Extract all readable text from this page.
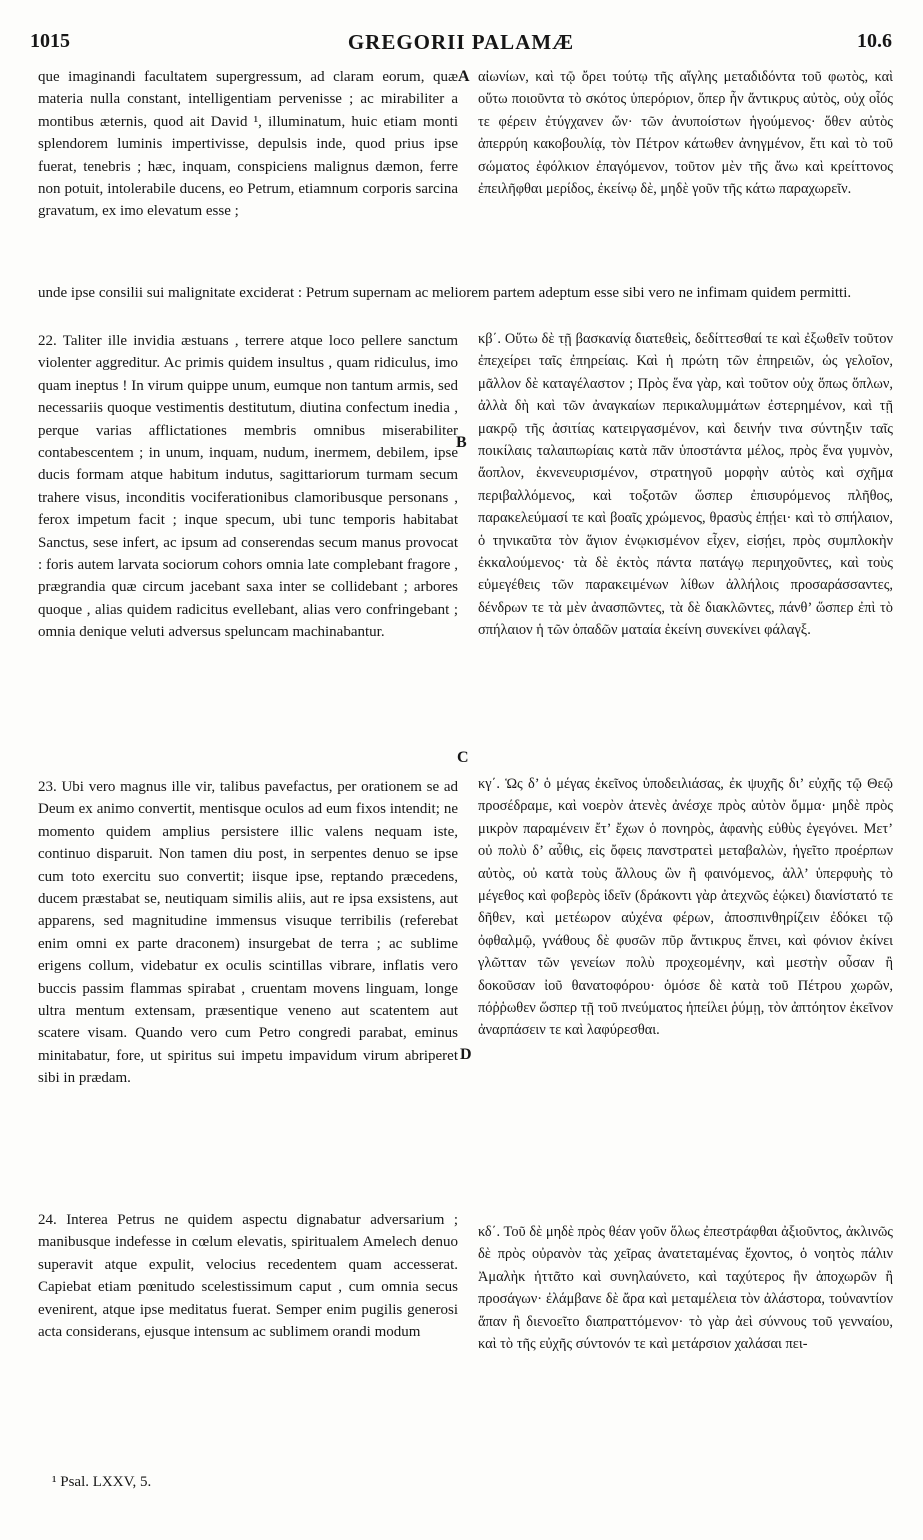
1015	GREGORII PALAMÆ	10.6
A
B
C
D

que imaginandi facultatem supergressum, ad claram eorum, quæ materia nulla constant, intelligentiam pervenisse ; ac mirabiliter a montibus æternis, quod ait David ¹, illuminatum, huic etiam monti splendorem luminis impertivisse, depulsis inde, quod prius ipse fuerat, tenebris ; hæc, inquam, conspiciens malignus dæmon, ferre non potuit, intolerabile ducens, eo Petrum, etiamnum corporis sarcina gravatum, ex imo elevatum esse ;

αἰωνίων, καὶ τῷ ὄρει τούτῳ τῆς αἴγλης μεταδιδόντα τοῦ φωτὸς, καὶ οὕτω ποιοῦντα τὸ σκότος ὑπερόριον, ὅπερ ἦν ἄντικρυς αὐτὸς, οὐχ οἷός τε φέρειν ἐτύγχανεν ὤν· τῶν ἀνυποίστων ἡγούμενος· ὅθεν αὐτὸς ἀπερρύη κακοβουλίᾳ, τὸν Πέτρον κάτωθεν ἀνηγμένον, ἔτι καὶ τὸ τοῦ σώματος ἐφόλκιον ἐπαγόμενον, τοῦτον μὲν τῆς ἄνω καὶ κρείττονος ἐπειλῆφθαι μερίδος, ἐκείνῳ δὲ, μηδὲ γοῦν τῆς κάτω παραχωρεῖν.

unde ipse consilii sui malignitate exciderat : Petrum supernam ac meliorem partem adeptum esse sibi vero ne infimam quidem permitti.

22. Taliter ille invidia æstuans , terrere atque loco pellere sanctum violenter aggreditur. Ac primis quidem insultus , quam ridiculus, imo quam ineptus ! In virum quippe unum, eumque non tantum armis, sed necessariis quoque vestimentis destitutum, diutina confectum inedia , perque varias afflictationes membris omnibus miserabiliter contabescentem ; in unum, inquam, nudum, inermem, debilem, ipse ducis formam atque habitum indutus, sagittariorum turmam secum trahere visus, inconditis vociferationibus clamoribusque personans , ferox impetum facit ; inque specum, ubi tunc temporis habitabat Sanctus, sese infert, ac ipsum ad conserendas secum manus provocat : foris autem larvata sociorum cohors omnia late complebant fragore , prægrandia quæ circum jacebant saxa inter se collidebant ; arbores quoque , alias quidem radicitus evellebant, alias vero confringebant ; omnia denique veluti adversus speluncam machinabantur.

κβ΄. Οὕτω δὲ τῇ βασκανίᾳ διατεθεὶς, δεδίττεσθαί τε καὶ ἐξωθεῖν τοῦτον ἐπεχείρει ταῖς ἐπηρείαις. Καὶ ἡ πρώτη τῶν ἐπηρειῶν, ὡς γελοῖον, μᾶλλον δὲ καταγέλαστον ; Πρὸς ἕνα γὰρ, καὶ τοῦτον οὐχ ὅπως ὅπλων, ἀλλὰ δὴ καὶ τῶν ἀναγκαίων περικαλυμμάτων ἐστερημένον, καὶ τῇ μακρῷ τῆς ἀσιτίας κατειργασμένον, καὶ δεινήν τινα σύντηξιν ταῖς ποικίλαις ταλαιπωρίαις κατὰ πᾶν ὑποστάντα μέλος, πρὸς ἕνα γυμνὸν, ἄοπλον, ἐκνενευρισμένον, στρατηγοῦ μορφὴν αὐτὸς καὶ σχῆμα περιβαλλόμενος, καὶ τοξοτῶν ὥσπερ ἐπισυρόμενος πλῆθος, παρακελεύμασί τε καὶ βοαῖς χρώμενος, θρασὺς ἐπῄει· καὶ τὸ σπήλαιον, ὁ τηνικαῦτα τὸν ἅγιον ἐνῳκισμένον εἶχεν, εἰσῄει, πρὸς συμπλοκὴν ἐκκαλούμενος· τὰ δὲ ἐκτὸς πάντα πατάγῳ περιηχοῦντες, καὶ τοὺς εὐμεγέθεις τῶν παρακειμένων λίθων ἀλλήλοις προσαράσσαντες, δένδρων τε τὰ μὲν ἀνασπῶντες, τὰ δὲ διακλῶντες, πάνθ’ ὥσπερ ἐπὶ τὸ σπήλαιον ἡ τῶν ὀπαδῶν ματαία ἐκείνη συνεκίνει φάλαγξ.

23. Ubi vero magnus ille vir, talibus pavefactus, per orationem se ad Deum ex animo convertit, mentisque oculos ad eum fixos intendit; ne momento quidem amplius persistere illic valens nequam iste, continuo disparuit. Non tamen diu post, in serpentes denuo se ipse cum toto exercitu suo convertit; iisque ipse, reptando præcedens, ducem præstabat se, neutiquam similis aliis, aut re ipsa exsistens, aut apparens, sed magnitudine immensus visuque terribilis (referebat enim omni ex parte draconem) insurgebat de terra ; ac sublime erigens collum, videbatur ex oculis scintillas vibrare, inflatis vero buccis passim flammas spirabat , cruentam movens linguam, longe ultra mentum extensam, præsentique veneno aut scatentem aut scatere visam. Quando vero cum Petro congredi parabat, eminus minitabatur, fore, ut spiritus sui impetu impavidum virum abriperet sibi in prædam.

κγ΄. Ὡς δ’ ὁ μέγας ἐκεῖνος ὑποδειλιάσας, ἐκ ψυχῆς δι’ εὐχῆς τῷ Θεῷ προσέδραμε, καὶ νοερὸν ἀτενὲς ἀνέσχε πρὸς αὐτὸν ὄμμα· μηδὲ πρὸς μικρὸν παραμένειν ἔτ’ ἔχων ὁ πονηρὸς, ἀφανὴς εὐθὺς ἐγεγόνει. Μετ’ οὐ πολὺ δ’ αὖθις, εἰς ὄφεις πανστρατεὶ μεταβαλὼν, ἡγεῖτο προέρπων αὐτὸς, οὐ κατὰ τοὺς ἄλλους ὢν ἢ φαινόμενος, ἀλλ’ ὑπερφυὴς τὸ μέγεθος καὶ φοβερὸς ἰδεῖν (δράκοντι γὰρ ἀτεχνῶς ἐῴκει) διανίστατό τε δῆθεν, καὶ μετέωρον αὐχένα φέρων, ἀποσπινθηρίζειν ἐδόκει τῷ ὀφθαλμῷ, γνάθους δὲ φυσῶν πῦρ ἄντικρυς ἔπνει, καὶ φόνιον ἐκίνει γλῶτταν τῶν γενείων πολὺ προχεομένην, καὶ μεστὴν οὖσαν ἢ δοκοῦσαν ἰοῦ θανατοφόρου· ὁμόσε δὲ κατὰ τοῦ Πέτρου χωρῶν, πόῤῥωθεν ὥσπερ τῇ τοῦ πνεύματος ἠπείλει ῥύμῃ, τὸν ἀπτόητον ἐκεῖνον ἀναρπάσειν τε καὶ λαφύρεσθαι.

24. Interea Petrus ne quidem aspectu dignabatur adversarium ; manibusque indefesse in cœlum elevatis, spiritualem Amelech denuo superavit atque expulit, velocius recedentem quam accesserat. Capiebat etiam pœnitudo scelestissimum caput , cum omnia secus evenirent, atque ipse meditatus fuerat. Semper enim pugilis generosi acta considerans, ejusque intensum ac sublimem orandi modum

κδ΄. Τοῦ δὲ μηδὲ πρὸς θέαν γοῦν ὅλως ἐπεστράφθαι ἀξιοῦντος, ἀκλινῶς δὲ πρὸς οὐρανὸν τὰς χεῖρας ἀνατεταμένας ἔχοντος, ὁ νοητὸς πάλιν Ἀμαλὴκ ἡττᾶτο καὶ συνηλαύνετο, καὶ ταχύτερος ἢν ἀποχωρῶν ἢ προσάγων· ἐλάμβανε δὲ ἄρα καὶ μεταμέλεια τὸν ἀλάστορα, τοὐναντίον ἅπαν ἢ διενοεῖτο διαπραττόμενον· τὸ γὰρ ἀεὶ σύννους τοῦ γενναίου, καὶ τὸ τῆς εὐχῆς σύντονόν τε καὶ μετάρσιον χαλάσαι πει-

¹ Psal. LXXV, 5.
